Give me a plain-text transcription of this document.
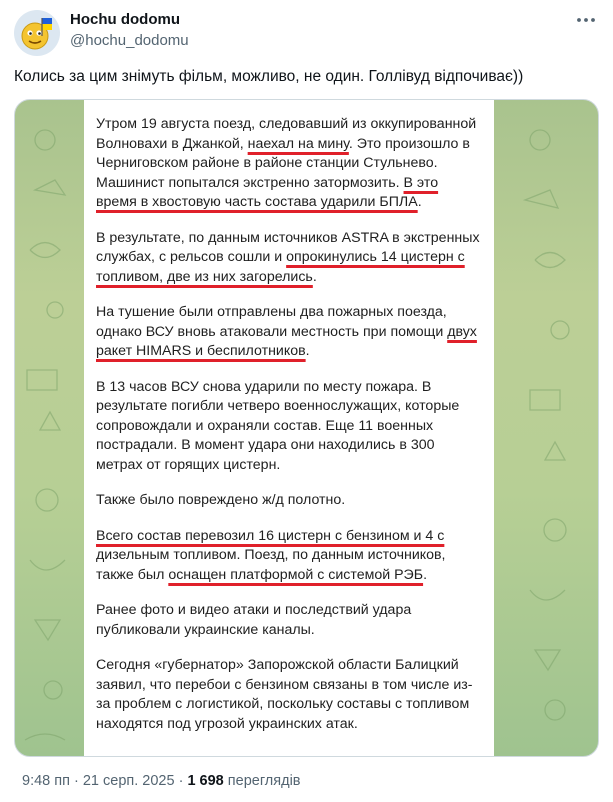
Hochu dodomu
@hochu_dodomu
Колись за цим знімуть фільм, можливо, не один. Голлівуд відпочиває))

Утром 19 августа поезд, следовавший из оккупированной Волновахи в Джанкой, наехал на мину. Это произошло в Черниговском районе в районе станции Стульнево. Машинист попытался экстренно затормозить. В это время в хвостовую часть состава ударили БПЛА.

В результате, по данным источников ASTRA в экстренных службах, с рельсов сошли и опрокинулись 14 цистерн с топливом, две из них загорелись.

На тушение были отправлены два пожарных поезда, однако ВСУ вновь атаковали местность при помощи двух ракет HIMARS и беспилотников.

В 13 часов ВСУ снова ударили по месту пожара. В результате погибли четверо военнослужащих, которые сопровождали и охраняли состав. Еще 11 военных пострадали. В момент удара они находились в 300 метрах от горящих цистерн.

Также было повреждено ж/д полотно.

Всего состав перевозил 16 цистерн с бензином и 4 с дизельным топливом. Поезд, по данным источников, также был оснащен платформой с системой РЭБ.

Ранее фото и видео атаки и последствий удара публиковали украинские каналы.

Сегодня «губернатор» Запорожской области Балицкий заявил, что перебои с бензином связаны в том числе из-за проблем с логистикой, поскольку составы с топливом находятся под угрозой украинских атак.

9:48 пп · 21 серп. 2025 · 1 698 переглядів
